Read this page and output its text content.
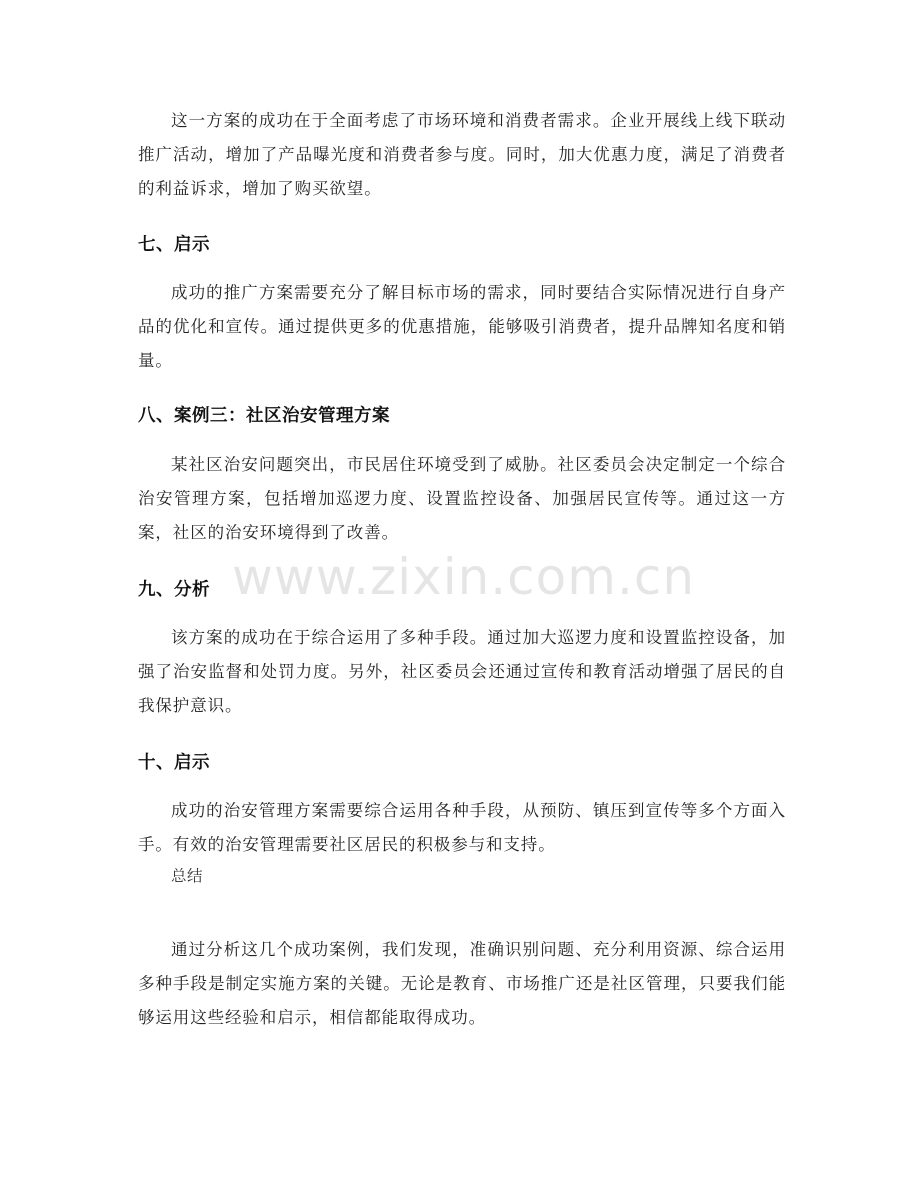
这一方案的成功在于全面考虑了市场环境和消费者需求。企业开展线上线下联动推广活动，增加了产品曝光度和消费者参与度。同时，加大优惠力度，满足了消费者的利益诉求，增加了购买欲望。

七、启示

成功的推广方案需要充分了解目标市场的需求，同时要结合实际情况进行自身产品的优化和宣传。通过提供更多的优惠措施，能够吸引消费者，提升品牌知名度和销量。

八、案例三：社区治安管理方案

某社区治安问题突出，市民居住环境受到了威胁。社区委员会决定制定一个综合治安管理方案，包括增加巡逻力度、设置监控设备、加强居民宣传等。通过这一方案，社区的治安环境得到了改善。

九、分析

该方案的成功在于综合运用了多种手段。通过加大巡逻力度和设置监控设备，加强了治安监督和处罚力度。另外，社区委员会还通过宣传和教育活动增强了居民的自我保护意识。

十、启示

成功的治安管理方案需要综合运用各种手段，从预防、镇压到宣传等多个方面入手。有效的治安管理需要社区居民的积极参与和支持。

总结

通过分析这几个成功案例，我们发现，准确识别问题、充分利用资源、综合运用多种手段是制定实施方案的关键。无论是教育、市场推广还是社区管理，只要我们能够运用这些经验和启示，相信都能取得成功。

www.zixin.com.cn
